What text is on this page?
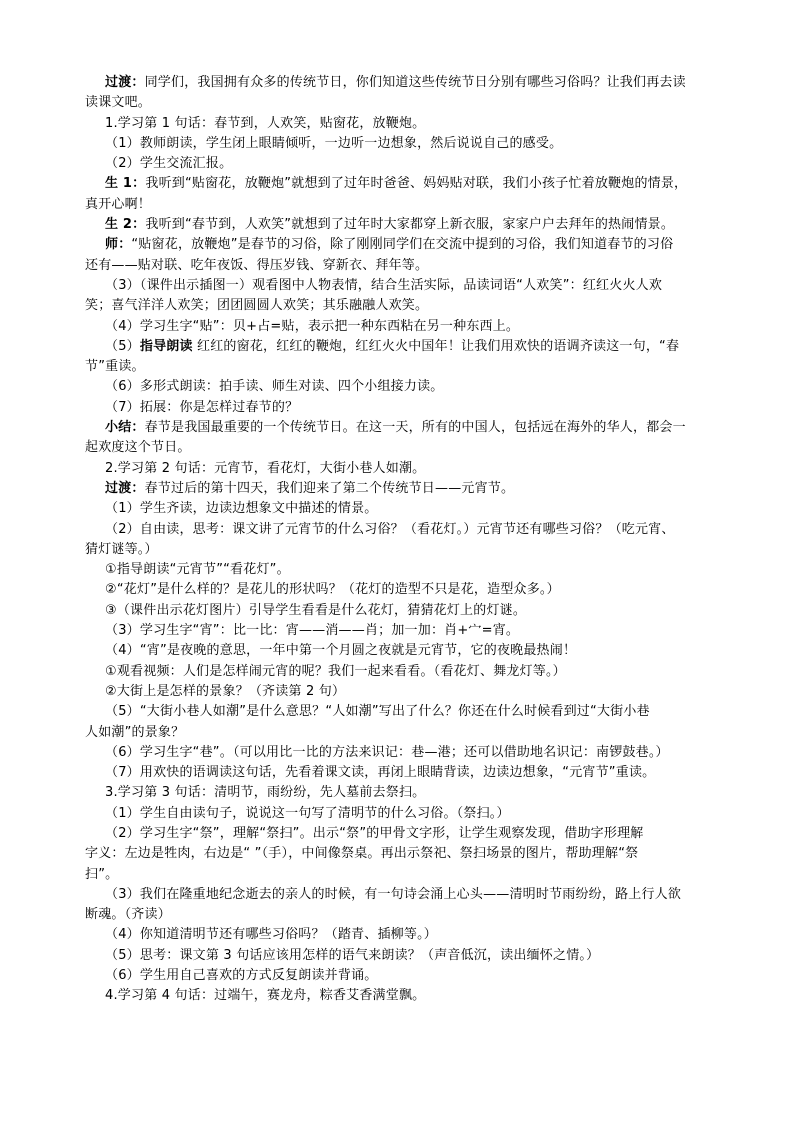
过渡：同学们，我国拥有众多的传统节日，你们知道这些传统节日分别有哪些习俗吗？让我们再去读
读课文吧。
1.学习第 1 句话：春节到，人欢笑，贴窗花，放鞭炮。
（1）教师朗读，学生闭上眼睛倾听，一边听一边想象，然后说说自己的感受。
（2）学生交流汇报。
生 1：我听到“贴窗花，放鞭炮”就想到了过年时爸爸、妈妈贴对联，我们小孩子忙着放鞭炮的情景，
真开心啊！
生 2：我听到“春节到，人欢笑”就想到了过年时大家都穿上新衣服，家家户户去拜年的热闹情景。
师：“贴窗花，放鞭炮”是春节的习俗，除了刚刚同学们在交流中提到的习俗，我们知道春节的习俗
还有——贴对联、吃年夜饭、得压岁钱、穿新衣、拜年等。
（3）（课件出示插图一）观看图中人物表情，结合生活实际，品读词语“人欢笑”：红红火火人欢
笑；喜气洋洋人欢笑；团团圆圆人欢笑；其乐融融人欢笑。
（4）学习生字“贴”：贝+占=贴，表示把一种东西粘在另一种东西上。
（5）指导朗读 红红的窗花，红红的鞭炮，红红火火中国年！让我们用欢快的语调齐读这一句，“春
节”重读。
（6）多形式朗读：拍手读、师生对读、四个小组接力读。
（7）拓展：你是怎样过春节的？
小结：春节是我国最重要的一个传统节日。在这一天，所有的中国人，包括远在海外的华人，都会一
起欢度这个节日。
2.学习第 2 句话：元宵节，看花灯，大街小巷人如潮。
过渡：春节过后的第十四天，我们迎来了第二个传统节日——元宵节。
（1）学生齐读，边读边想象文中描述的情景。
（2）自由读，思考：课文讲了元宵节的什么习俗？（看花灯。）元宵节还有哪些习俗？（吃元宵、
猜灯谜等。）
①指导朗读“元宵节”“看花灯”。
②“花灯”是什么样的？是花儿的形状吗？（花灯的造型不只是花，造型众多。）
③（课件出示花灯图片）引导学生看看是什么花灯，猜猜花灯上的灯谜。
（3）学习生字“宵”：比一比：宵——消——肖；加一加：肖+宀=宵。
（4）“宵”是夜晚的意思，一年中第一个月圆之夜就是元宵节，它的夜晚最热闹！
①观看视频：人们是怎样闹元宵的呢？我们一起来看看。（看花灯、舞龙灯等。）
②大街上是怎样的景象？（齐读第 2 句）
（5）“大街小巷人如潮”是什么意思？“人如潮”写出了什么？你还在什么时候看到过“大街小巷
人如潮”的景象？
（6）学习生字“巷”。（可以用比一比的方法来识记：巷—港；还可以借助地名识记：南锣鼓巷。）
（7）用欢快的语调读这句话，先看着课文读，再闭上眼睛背读，边读边想象，“元宵节”重读。
3.学习第 3 句话：清明节，雨纷纷，先人墓前去祭扫。
（1）学生自由读句子，说说这一句写了清明节的什么习俗。（祭扫。）
（2）学习生字“祭”，理解“祭扫”。出示“祭”的甲骨文字形，让学生观察发现，借助字形理解
字义：左边是牲肉，右边是“ ”（手），中间像祭桌。再出示祭祀、祭扫场景的图片，帮助理解“祭
扫”。
（3）我们在隆重地纪念逝去的亲人的时候，有一句诗会涌上心头——清明时节雨纷纷，路上行人欲
断魂。（齐读）
（4）你知道清明节还有哪些习俗吗？（踏青、插柳等。）
（5）思考：课文第 3 句话应该用怎样的语气来朗读？（声音低沉，读出缅怀之情。）
（6）学生用自己喜欢的方式反复朗读并背诵。
4.学习第 4 句话：过端午，赛龙舟，粽香艾香满堂飘。
